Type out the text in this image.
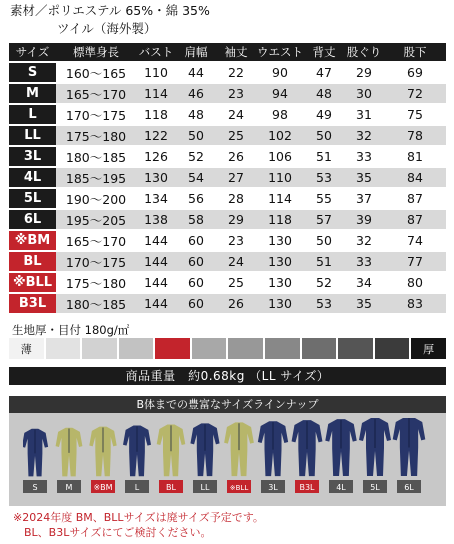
素材／ポリエステル 65%・綿 35%
ツイル（海外製）
サイズ	標準身長	バスト	肩幅	袖丈	ウエスト	背丈	股ぐり	股下
S	160〜165	110	44	22	90	47	29	69
M	165〜170	114	46	23	94	48	30	72
L	170〜175	118	48	24	98	49	31	75
LL	175〜180	122	50	25	102	50	32	78
3L	180〜185	126	52	26	106	51	33	81
4L	185〜195	130	54	27	110	53	35	84
5L	190〜200	134	56	28	114	55	37	87
6L	195〜205	138	58	29	118	57	39	87
※BM	165〜170	144	60	23	130	50	32	74
BL	170〜175	144	60	24	130	51	33	77
※BLL	175〜180	144	60	25	130	52	34	80
B3L	180〜185	144	60	26	130	53	35	83
生地厚・目付 180g/㎡
薄	厚
商品重量　約0.68kg （LL サイズ）
B体までの豊富なサイズラインナップ
S	M	※BM	L	BL	LL	※BLL 3L	B3L	4L	5L	6L
※2024年度 BM、BLLサイズは廃サイズ予定です。
BL、B3Lサイズにてご検討ください。
